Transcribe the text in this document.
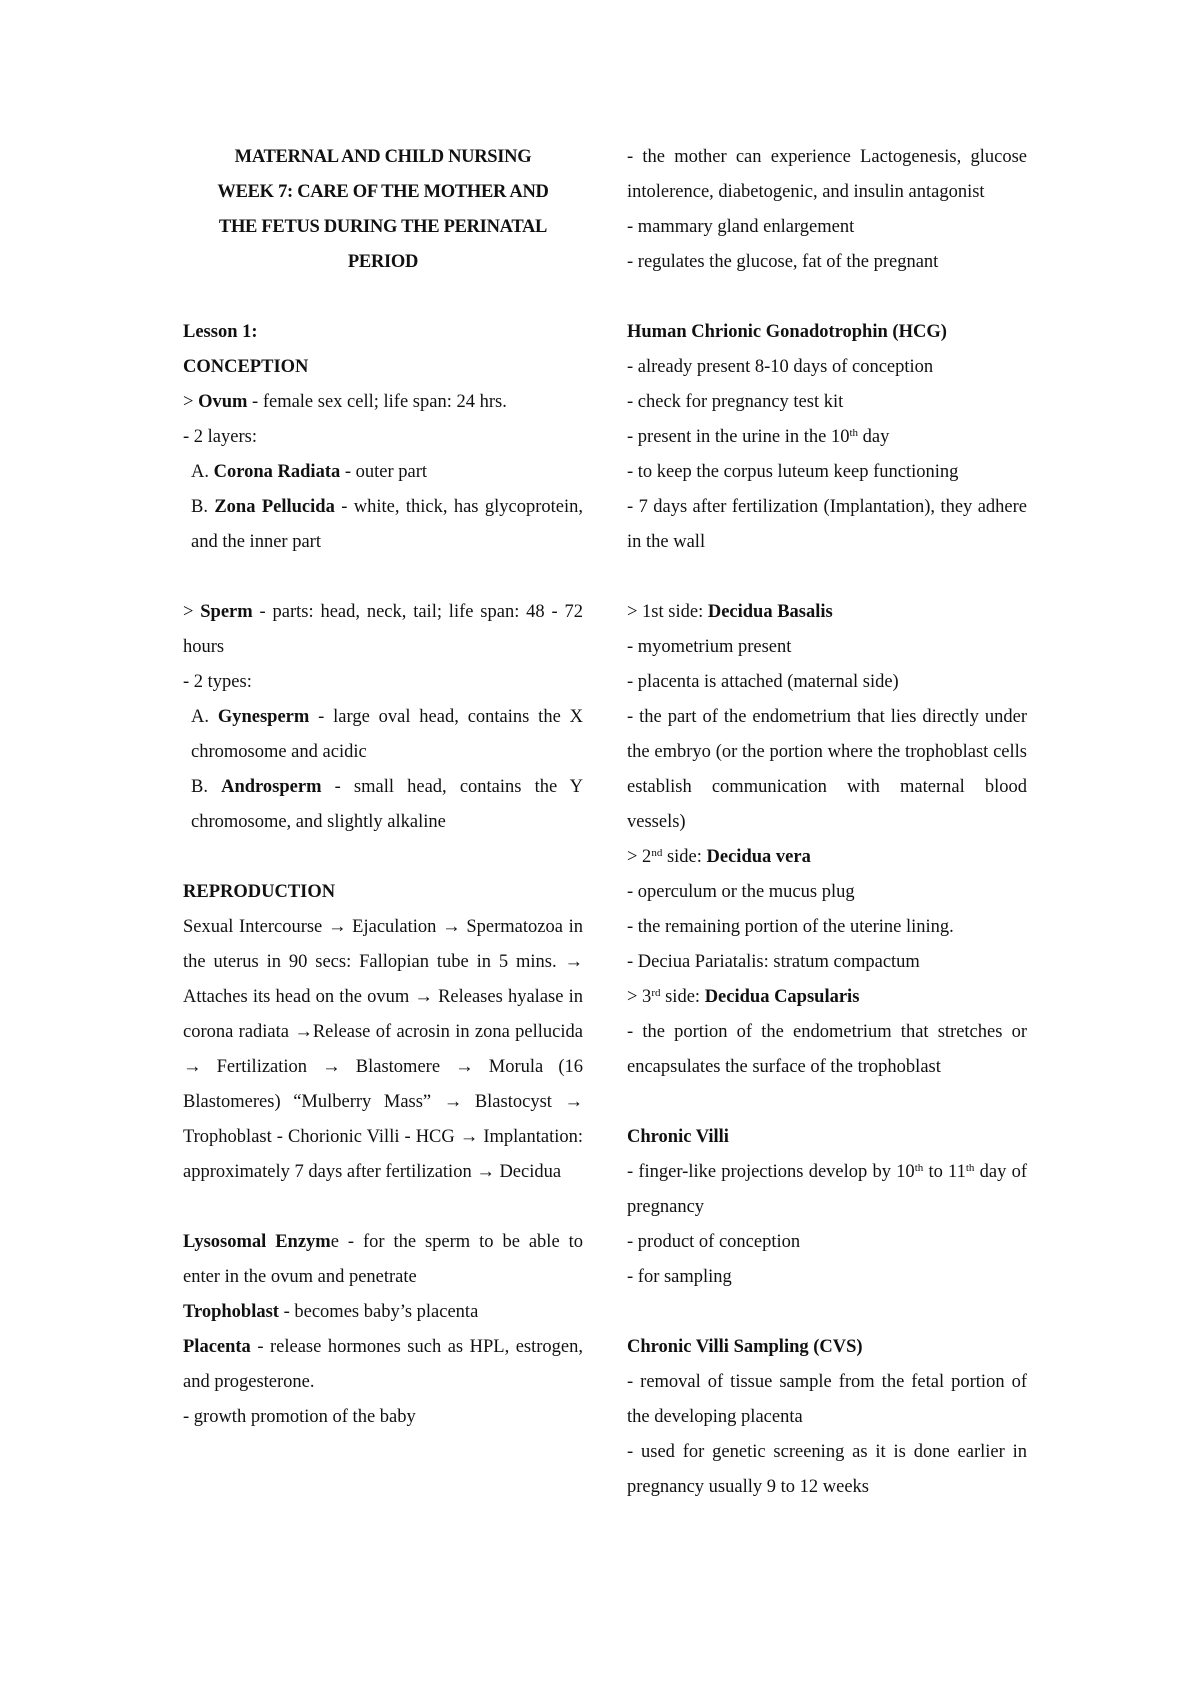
MATERNAL AND CHILD NURSING
WEEK 7: CARE OF THE MOTHER AND
THE FETUS DURING THE PERINATAL
PERIOD
Lesson 1:
CONCEPTION
> Ovum - female sex cell; life span: 24 hrs.
- 2 layers:
A. Corona Radiata - outer part
B. Zona Pellucida - white, thick, has glycoprotein, and the inner part
> Sperm - parts: head, neck, tail; life span: 48 - 72 hours
- 2 types:
A. Gynesperm - large oval head, contains the X chromosome and acidic
B. Androsperm - small head, contains the Y chromosome, and slightly alkaline
REPRODUCTION
Sexual Intercourse → Ejaculation → Spermatozoa in the uterus in 90 secs: Fallopian tube in 5 mins. → Attaches its head on the ovum → Releases hyalase in corona radiata →Release of acrosin in zona pellucida → Fertilization → Blastomere → Morula (16 Blastomeres) “Mulberry Mass” → Blastocyst → Trophoblast - Chorionic Villi - HCG → Implantation: approximately 7 days after fertilization → Decidua
Lysosomal Enzyme - for the sperm to be able to enter in the ovum and penetrate
Trophoblast - becomes baby’s placenta
Placenta - release hormones such as HPL, estrogen, and progesterone.
- growth promotion of the baby
- the mother can experience Lactogenesis, glucose intolerence, diabetogenic, and insulin antagonist
- mammary gland enlargement
- regulates the glucose, fat of the pregnant
Human Chrionic Gonadotrophin (HCG)
- already present 8-10 days of conception
- check for pregnancy test kit
- present in the urine in the 10th day
- to keep the corpus luteum keep functioning
- 7 days after fertilization (Implantation), they adhere in the wall
> 1st side: Decidua Basalis
- myometrium present
- placenta is attached (maternal side)
- the part of the endometrium that lies directly under the embryo (or the portion where the trophoblast cells establish communication with maternal blood vessels)
> 2nd side: Decidua vera
- operculum or the mucus plug
- the remaining portion of the uterine lining.
- Deciua Pariatalis: stratum compactum
> 3rd side: Decidua Capsularis
- the portion of the endometrium that stretches or encapsulates the surface of the trophoblast
Chronic Villi
- finger-like projections develop by 10th to 11th day of pregnancy
- product of conception
- for sampling
Chronic Villi Sampling (CVS)
- removal of tissue sample from the fetal portion of the developing placenta
- used for genetic screening as it is done earlier in pregnancy usually 9 to 12 weeks
